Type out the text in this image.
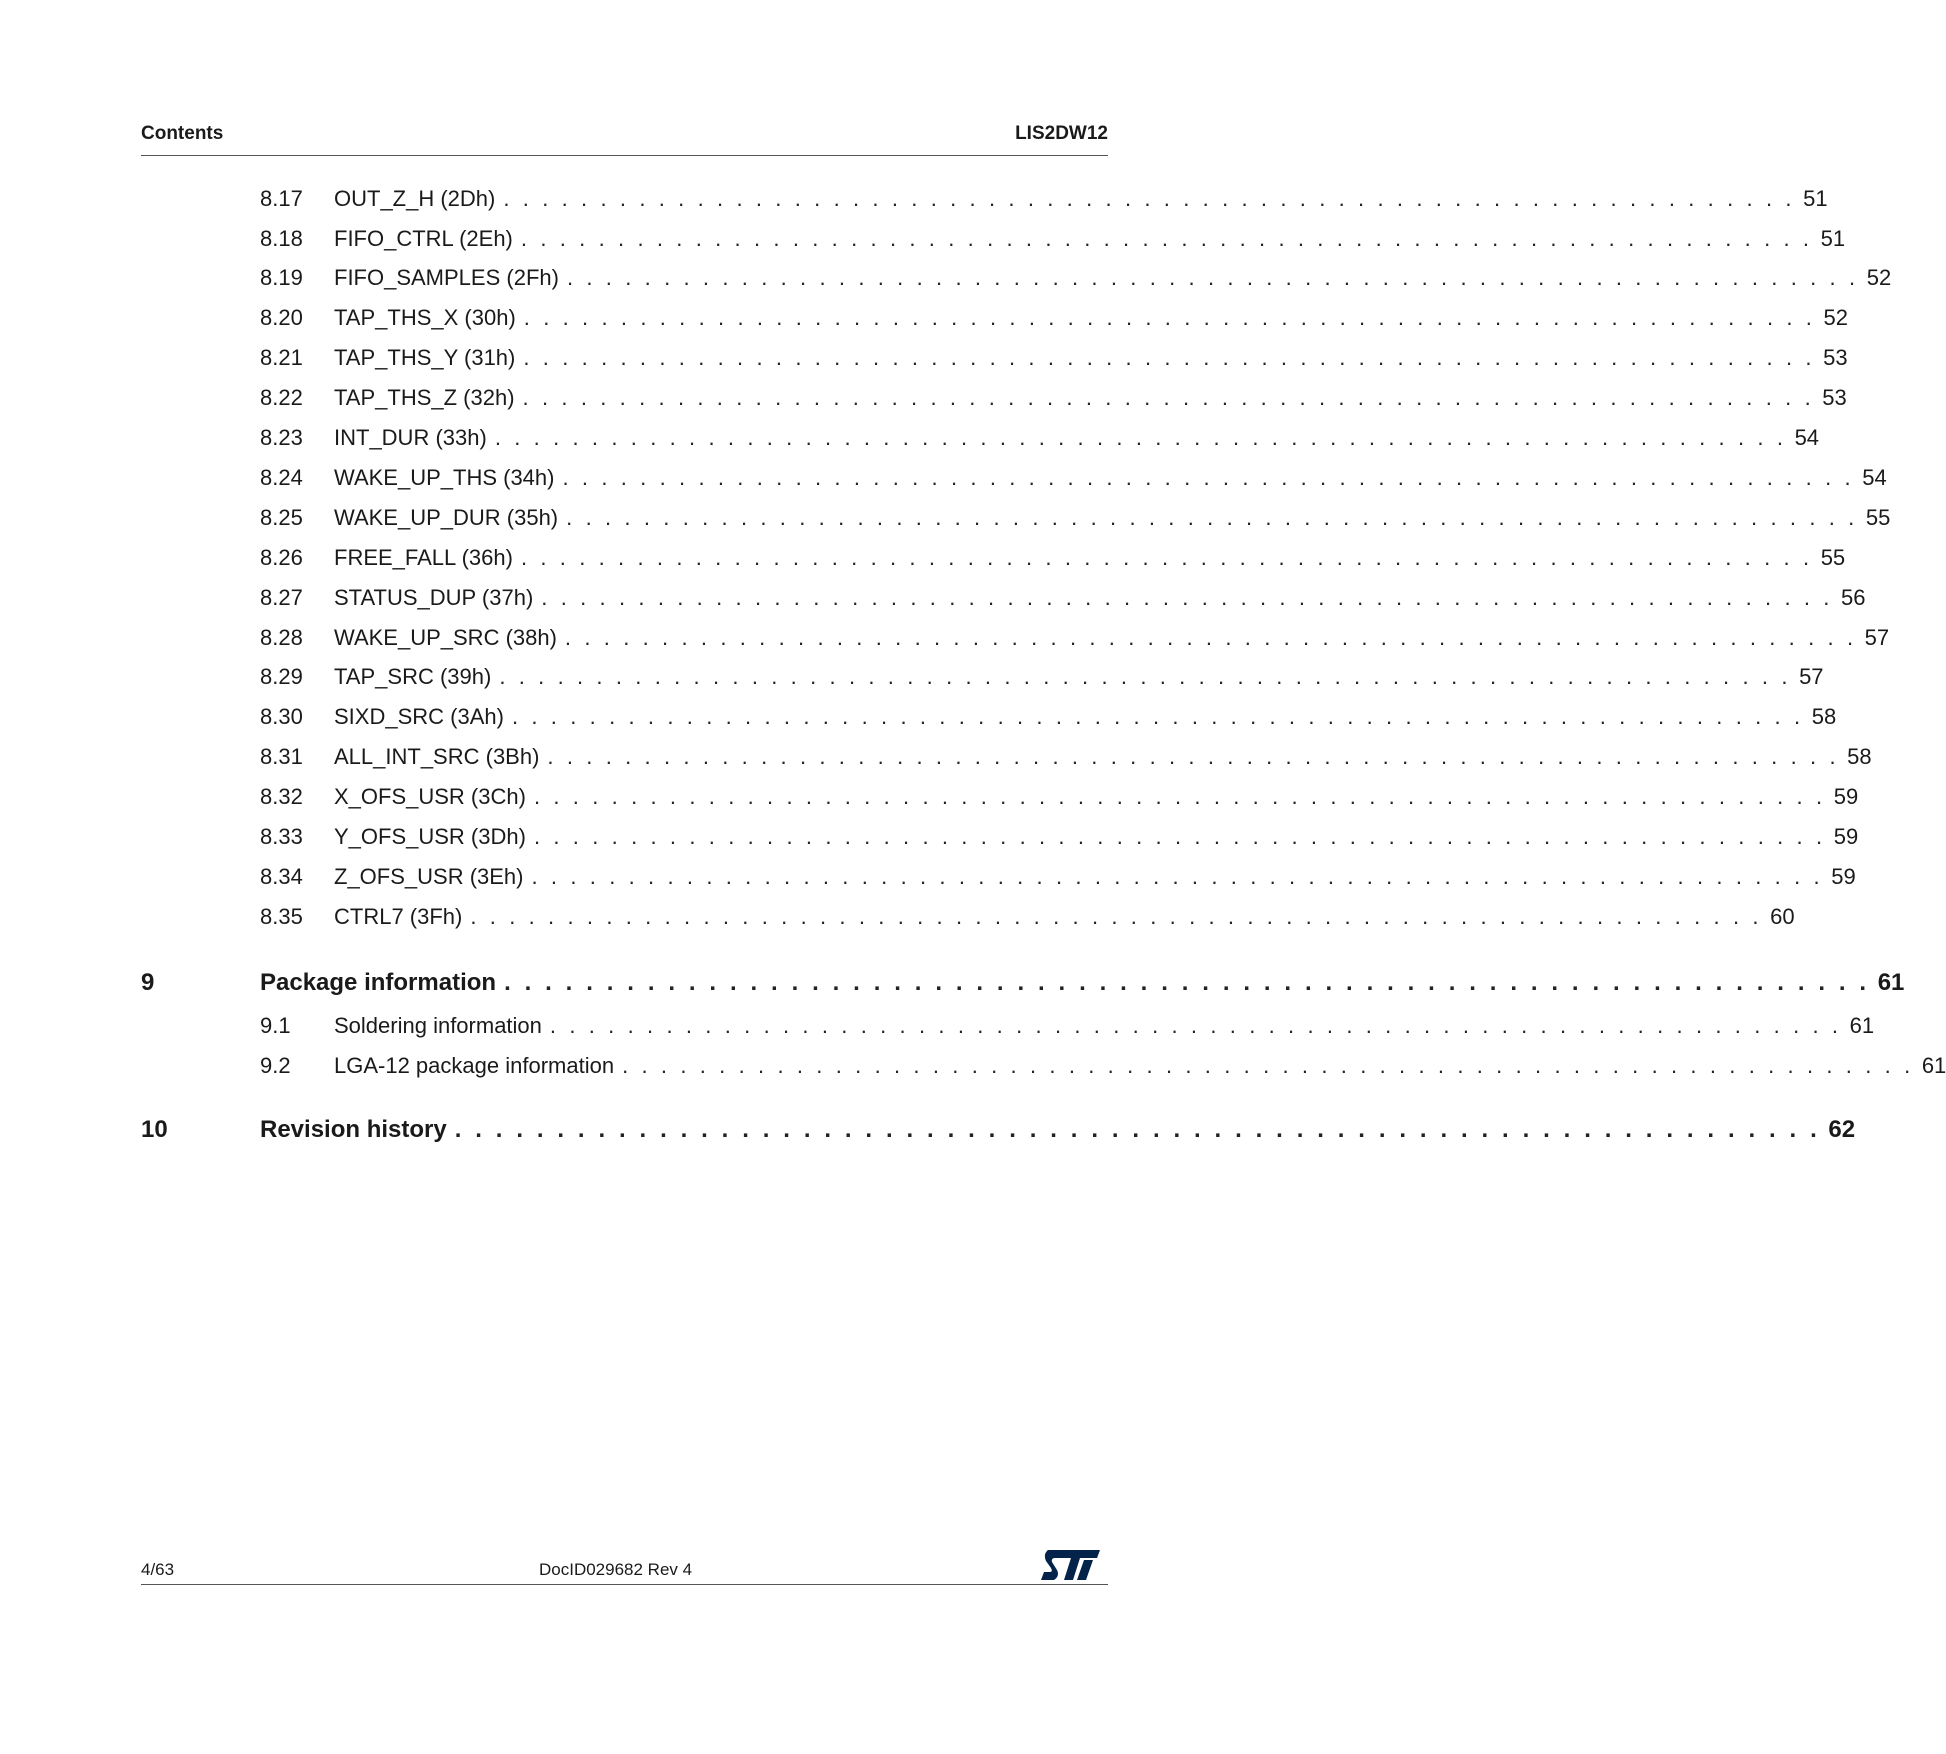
Contents	LIS2DW12
8.17 OUT_Z_H (2Dh) . . . . . . . . . . . . . . . . . . . . . . . . . . . . . . . . . . . . . . . . . . . . . . . . . . . . . . . . . . . . . . . . . . . 51
8.18 FIFO_CTRL (2Eh) . . . . . . . . . . . . . . . . . . . . . . . . . . . . . . . . . . . . . . . . . . . . . . . . . . . . . . . . . . . . . . . . . . . 51
8.19 FIFO_SAMPLES (2Fh) . . . . . . . . . . . . . . . . . . . . . . . . . . . . . . . . . . . . . . . . . . . . . . . . . . . . . . . . . . . . . . . . . . . 52
8.20 TAP_THS_X (30h) . . . . . . . . . . . . . . . . . . . . . . . . . . . . . . . . . . . . . . . . . . . . . . . . . . . . . . . . . . . . . . . . . . . 52
8.21 TAP_THS_Y (31h) . . . . . . . . . . . . . . . . . . . . . . . . . . . . . . . . . . . . . . . . . . . . . . . . . . . . . . . . . . . . . . . . . . . 53
8.22 TAP_THS_Z (32h) . . . . . . . . . . . . . . . . . . . . . . . . . . . . . . . . . . . . . . . . . . . . . . . . . . . . . . . . . . . . . . . . . . . 53
8.23 INT_DUR (33h) . . . . . . . . . . . . . . . . . . . . . . . . . . . . . . . . . . . . . . . . . . . . . . . . . . . . . . . . . . . . . . . . . . . 54
8.24 WAKE_UP_THS (34h) . . . . . . . . . . . . . . . . . . . . . . . . . . . . . . . . . . . . . . . . . . . . . . . . . . . . . . . . . . . . . . . . . . . 54
8.25 WAKE_UP_DUR (35h) . . . . . . . . . . . . . . . . . . . . . . . . . . . . . . . . . . . . . . . . . . . . . . . . . . . . . . . . . . . . . . . . . . . 55
8.26 FREE_FALL (36h) . . . . . . . . . . . . . . . . . . . . . . . . . . . . . . . . . . . . . . . . . . . . . . . . . . . . . . . . . . . . . . . . . . . 55
8.27 STATUS_DUP (37h) . . . . . . . . . . . . . . . . . . . . . . . . . . . . . . . . . . . . . . . . . . . . . . . . . . . . . . . . . . . . . . . . . . . 56
8.28 WAKE_UP_SRC (38h) . . . . . . . . . . . . . . . . . . . . . . . . . . . . . . . . . . . . . . . . . . . . . . . . . . . . . . . . . . . . . . . . . . . 57
8.29 TAP_SRC (39h) . . . . . . . . . . . . . . . . . . . . . . . . . . . . . . . . . . . . . . . . . . . . . . . . . . . . . . . . . . . . . . . . . . . 57
8.30 SIXD_SRC (3Ah) . . . . . . . . . . . . . . . . . . . . . . . . . . . . . . . . . . . . . . . . . . . . . . . . . . . . . . . . . . . . . . . . . . . 58
8.31 ALL_INT_SRC (3Bh) . . . . . . . . . . . . . . . . . . . . . . . . . . . . . . . . . . . . . . . . . . . . . . . . . . . . . . . . . . . . . . . . . . . 58
8.32 X_OFS_USR (3Ch) . . . . . . . . . . . . . . . . . . . . . . . . . . . . . . . . . . . . . . . . . . . . . . . . . . . . . . . . . . . . . . . . . . . 59
8.33 Y_OFS_USR (3Dh) . . . . . . . . . . . . . . . . . . . . . . . . . . . . . . . . . . . . . . . . . . . . . . . . . . . . . . . . . . . . . . . . . . . 59
8.34 Z_OFS_USR (3Eh) . . . . . . . . . . . . . . . . . . . . . . . . . . . . . . . . . . . . . . . . . . . . . . . . . . . . . . . . . . . . . . . . . . . 59
8.35 CTRL7 (3Fh) . . . . . . . . . . . . . . . . . . . . . . . . . . . . . . . . . . . . . . . . . . . . . . . . . . . . . . . . . . . . . . . . . . . 60
9	Package information . . . . . . . . . . . . . . . . . . . . . . . . . . . . . . . . . . . . . . . . . . . . . . . . . . . . . . . . . . . . . . . . . . . 61
9.1 Soldering information . . . . . . . . . . . . . . . . . . . . . . . . . . . . . . . . . . . . . . . . . . . . . . . . . . . . . . . . . . . . . . . . . . . 61
9.2 LGA-12 package information . . . . . . . . . . . . . . . . . . . . . . . . . . . . . . . . . . . . . . . . . . . . . . . . . . . . . . . . . . . . . . . . . . . 61
10	Revision history . . . . . . . . . . . . . . . . . . . . . . . . . . . . . . . . . . . . . . . . . . . . . . . . . . . . . . . . . . . . . . . . . . . 62
4/63	DocID029682 Rev 4
